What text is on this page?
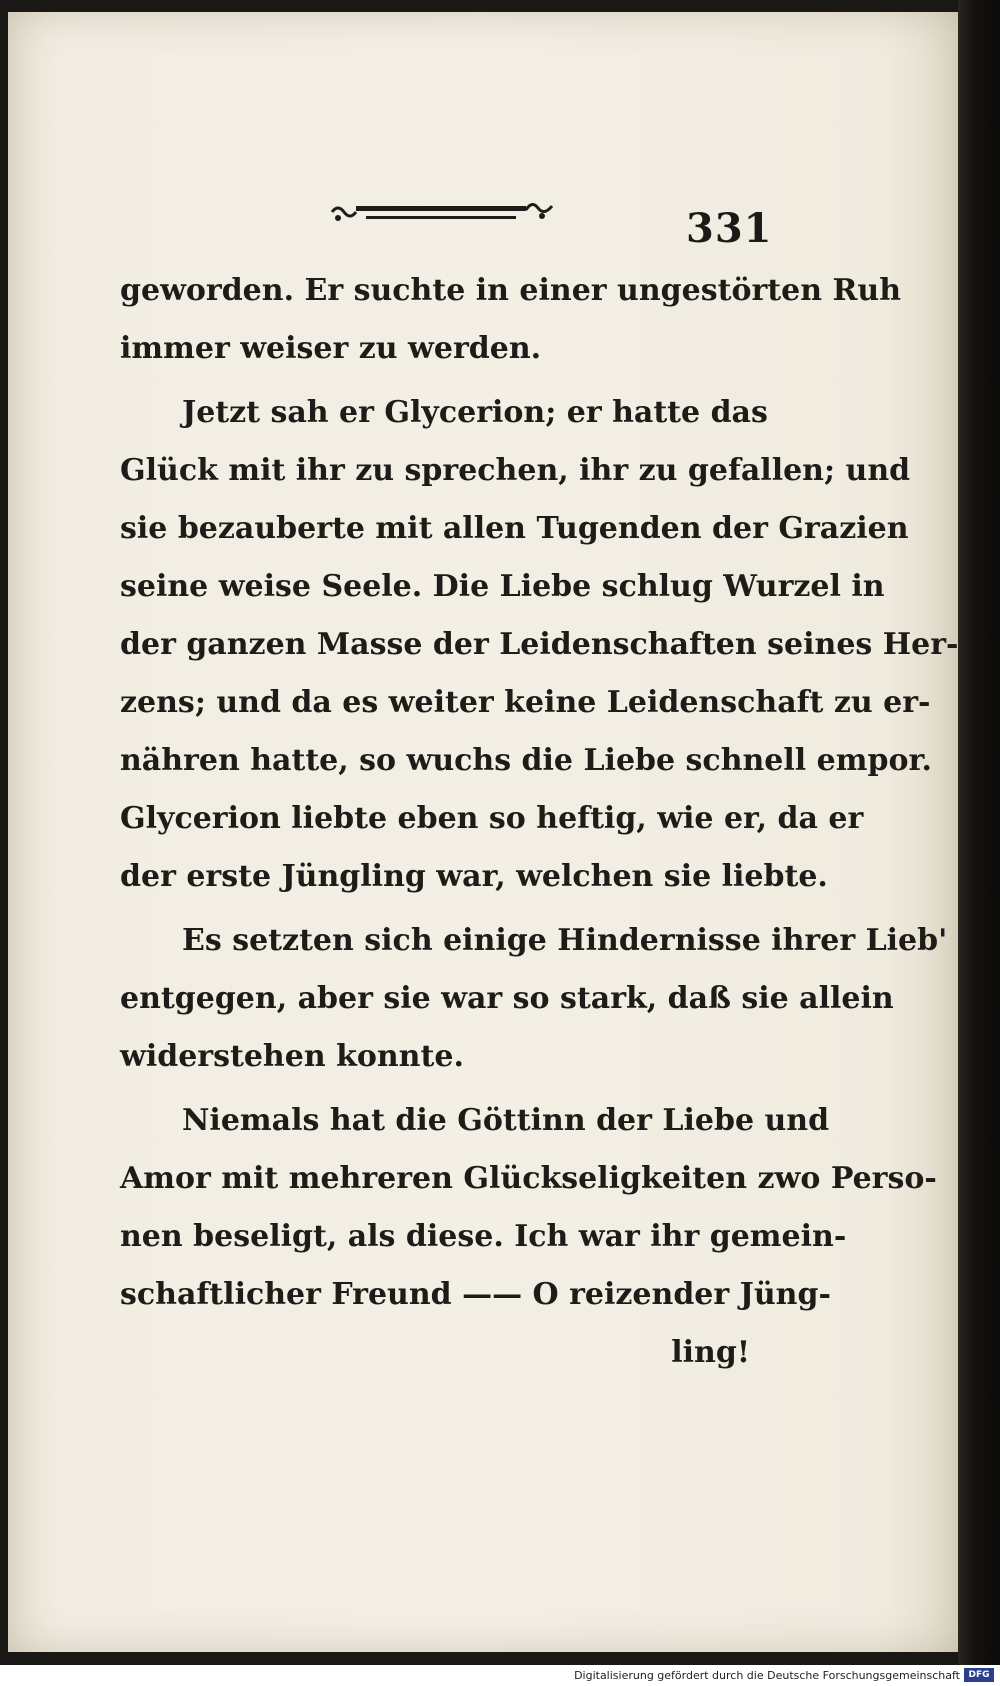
331
geworden. Er suchte in einer ungestörten Ruh
immer weiser zu werden.
Jetzt sah er Glycerion; er hatte das
Glück mit ihr zu sprechen, ihr zu gefallen; und
sie bezauberte mit allen Tugenden der Grazien
seine weise Seele. Die Liebe schlug Wurzel in
der ganzen Masse der Leidenschaften seines Her-
zens; und da es weiter keine Leidenschaft zu er-
nähren hatte, so wuchs die Liebe schnell empor.
Glycerion liebte eben so heftig, wie er, da er
der erste Jüngling war, welchen sie liebte.
Es setzten sich einige Hindernisse ihrer Lieb'
entgegen, aber sie war so stark, daß sie allein
widerstehen konnte.
Niemals hat die Göttinn der Liebe und
Amor mit mehreren Glückseligkeiten zwo Perso-
nen beseligt, als diese. Ich war ihr gemein-
schaftlicher Freund —— O reizender Jüng-
ling!
Digitalisierung gefördert durch die Deutsche Forschungsgemeinschaft DFG
